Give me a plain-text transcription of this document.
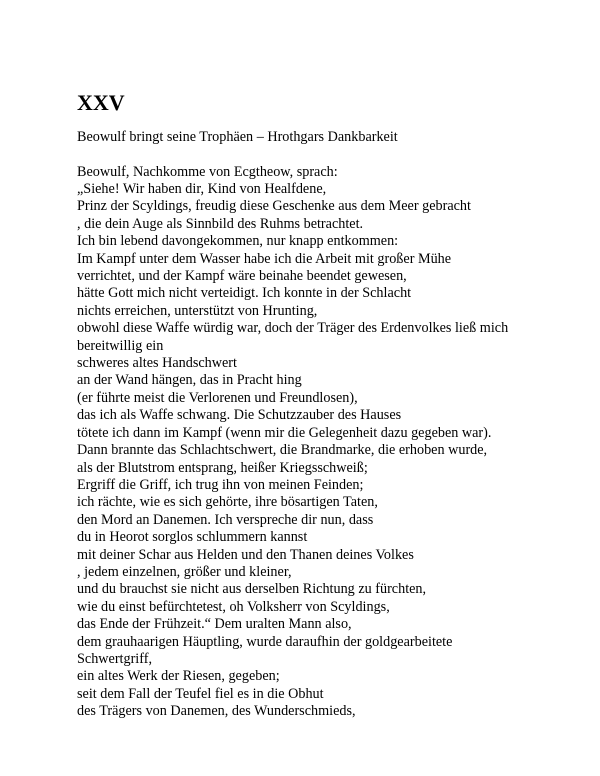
XXV

Beowulf bringt seine Trophäen – Hrothgars Dankbarkeit

Beowulf, Nachkomme von Ecgtheow, sprach:
„Siehe! Wir haben dir, Kind von Healfdene,
Prinz der Scyldings, freudig diese Geschenke aus dem Meer gebracht
, die dein Auge als Sinnbild des Ruhms betrachtet.
Ich bin lebend davongekommen, nur knapp entkommen:
Im Kampf unter dem Wasser habe ich die Arbeit mit großer Mühe
verrichtet, und der Kampf wäre beinahe beendet gewesen,
hätte Gott mich nicht verteidigt. Ich konnte in der Schlacht
nichts erreichen, unterstützt von Hrunting,
obwohl diese Waffe würdig war, doch der Träger des Erdenvolkes ließ mich
bereitwillig ein
schweres altes Handschwert
an der Wand hängen, das in Pracht hing
(er führte meist die Verlorenen und Freundlosen),
das ich als Waffe schwang. Die Schutzzauber des Hauses
tötete ich dann im Kampf (wenn mir die Gelegenheit dazu gegeben war).
Dann brannte das Schlachtschwert, die Brandmarke, die erhoben wurde,
als der Blutstrom entsprang, heißer Kriegsschweiß;
Ergriff die Griff, ich trug ihn von meinen Feinden;
ich rächte, wie es sich gehörte, ihre bösartigen Taten,
den Mord an Danemen. Ich verspreche dir nun, dass
du in Heorot sorglos schlummern kannst
mit deiner Schar aus Helden und den Thanen deines Volkes
, jedem einzelnen, größer und kleiner,
und du brauchst sie nicht aus derselben Richtung zu fürchten,
wie du einst befürchtetest, oh Volksherr von Scyldings,
das Ende der Frühzeit.“ Dem uralten Mann also,
dem grauhaarigen Häuptling, wurde daraufhin der goldgearbeitete
Schwertgriff,
ein altes Werk der Riesen, gegeben;
seit dem Fall der Teufel fiel es in die Obhut
des Trägers von Danemen, des Wunderschmieds,
